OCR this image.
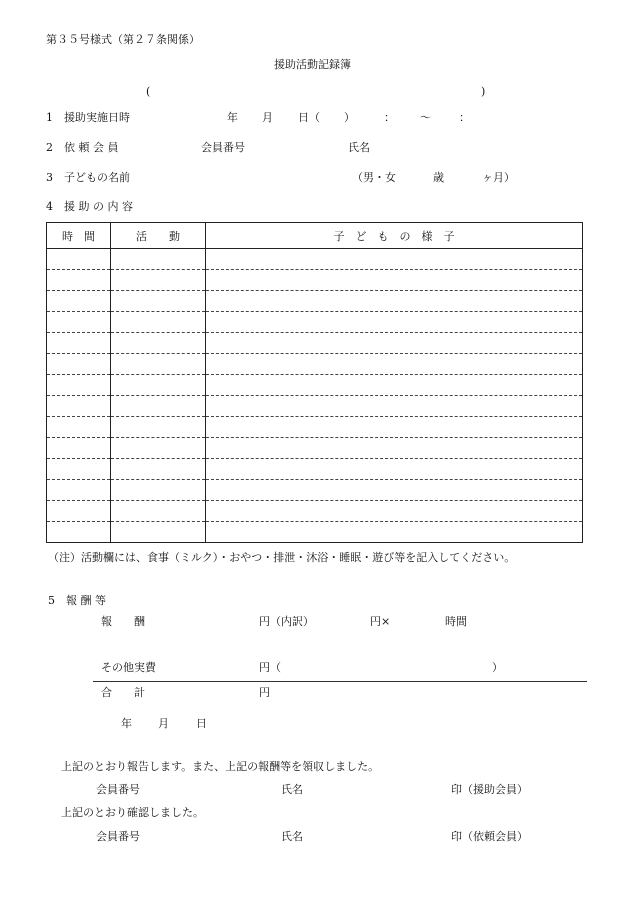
第３５号様式（第２７条関係）
援助活動記録簿
(	)
1　援助実施日時	年 月 日（ ）	： 〜	：
2　依 頼 会 員	会員番号	氏名
3　子どもの名前	（男・女	歳	ヶ月）
4　援 助 の 内 容
時　間	活　　動	子　ど　も　の　様　子

（注）活動欄には、食事（ミルク）・おやつ・排泄・沐浴・睡眠・遊び等を記入してください。
5　報 酬 等
報　　酬	円（内訳）	円×	時間
その他実費	円（	）
合　　計	円
年 月 日
上記のとおり報告します。また、上記の報酬等を領収しました。
会員番号	氏名	印（援助会員）
上記のとおり確認しました。
会員番号	氏名	印（依頼会員）
